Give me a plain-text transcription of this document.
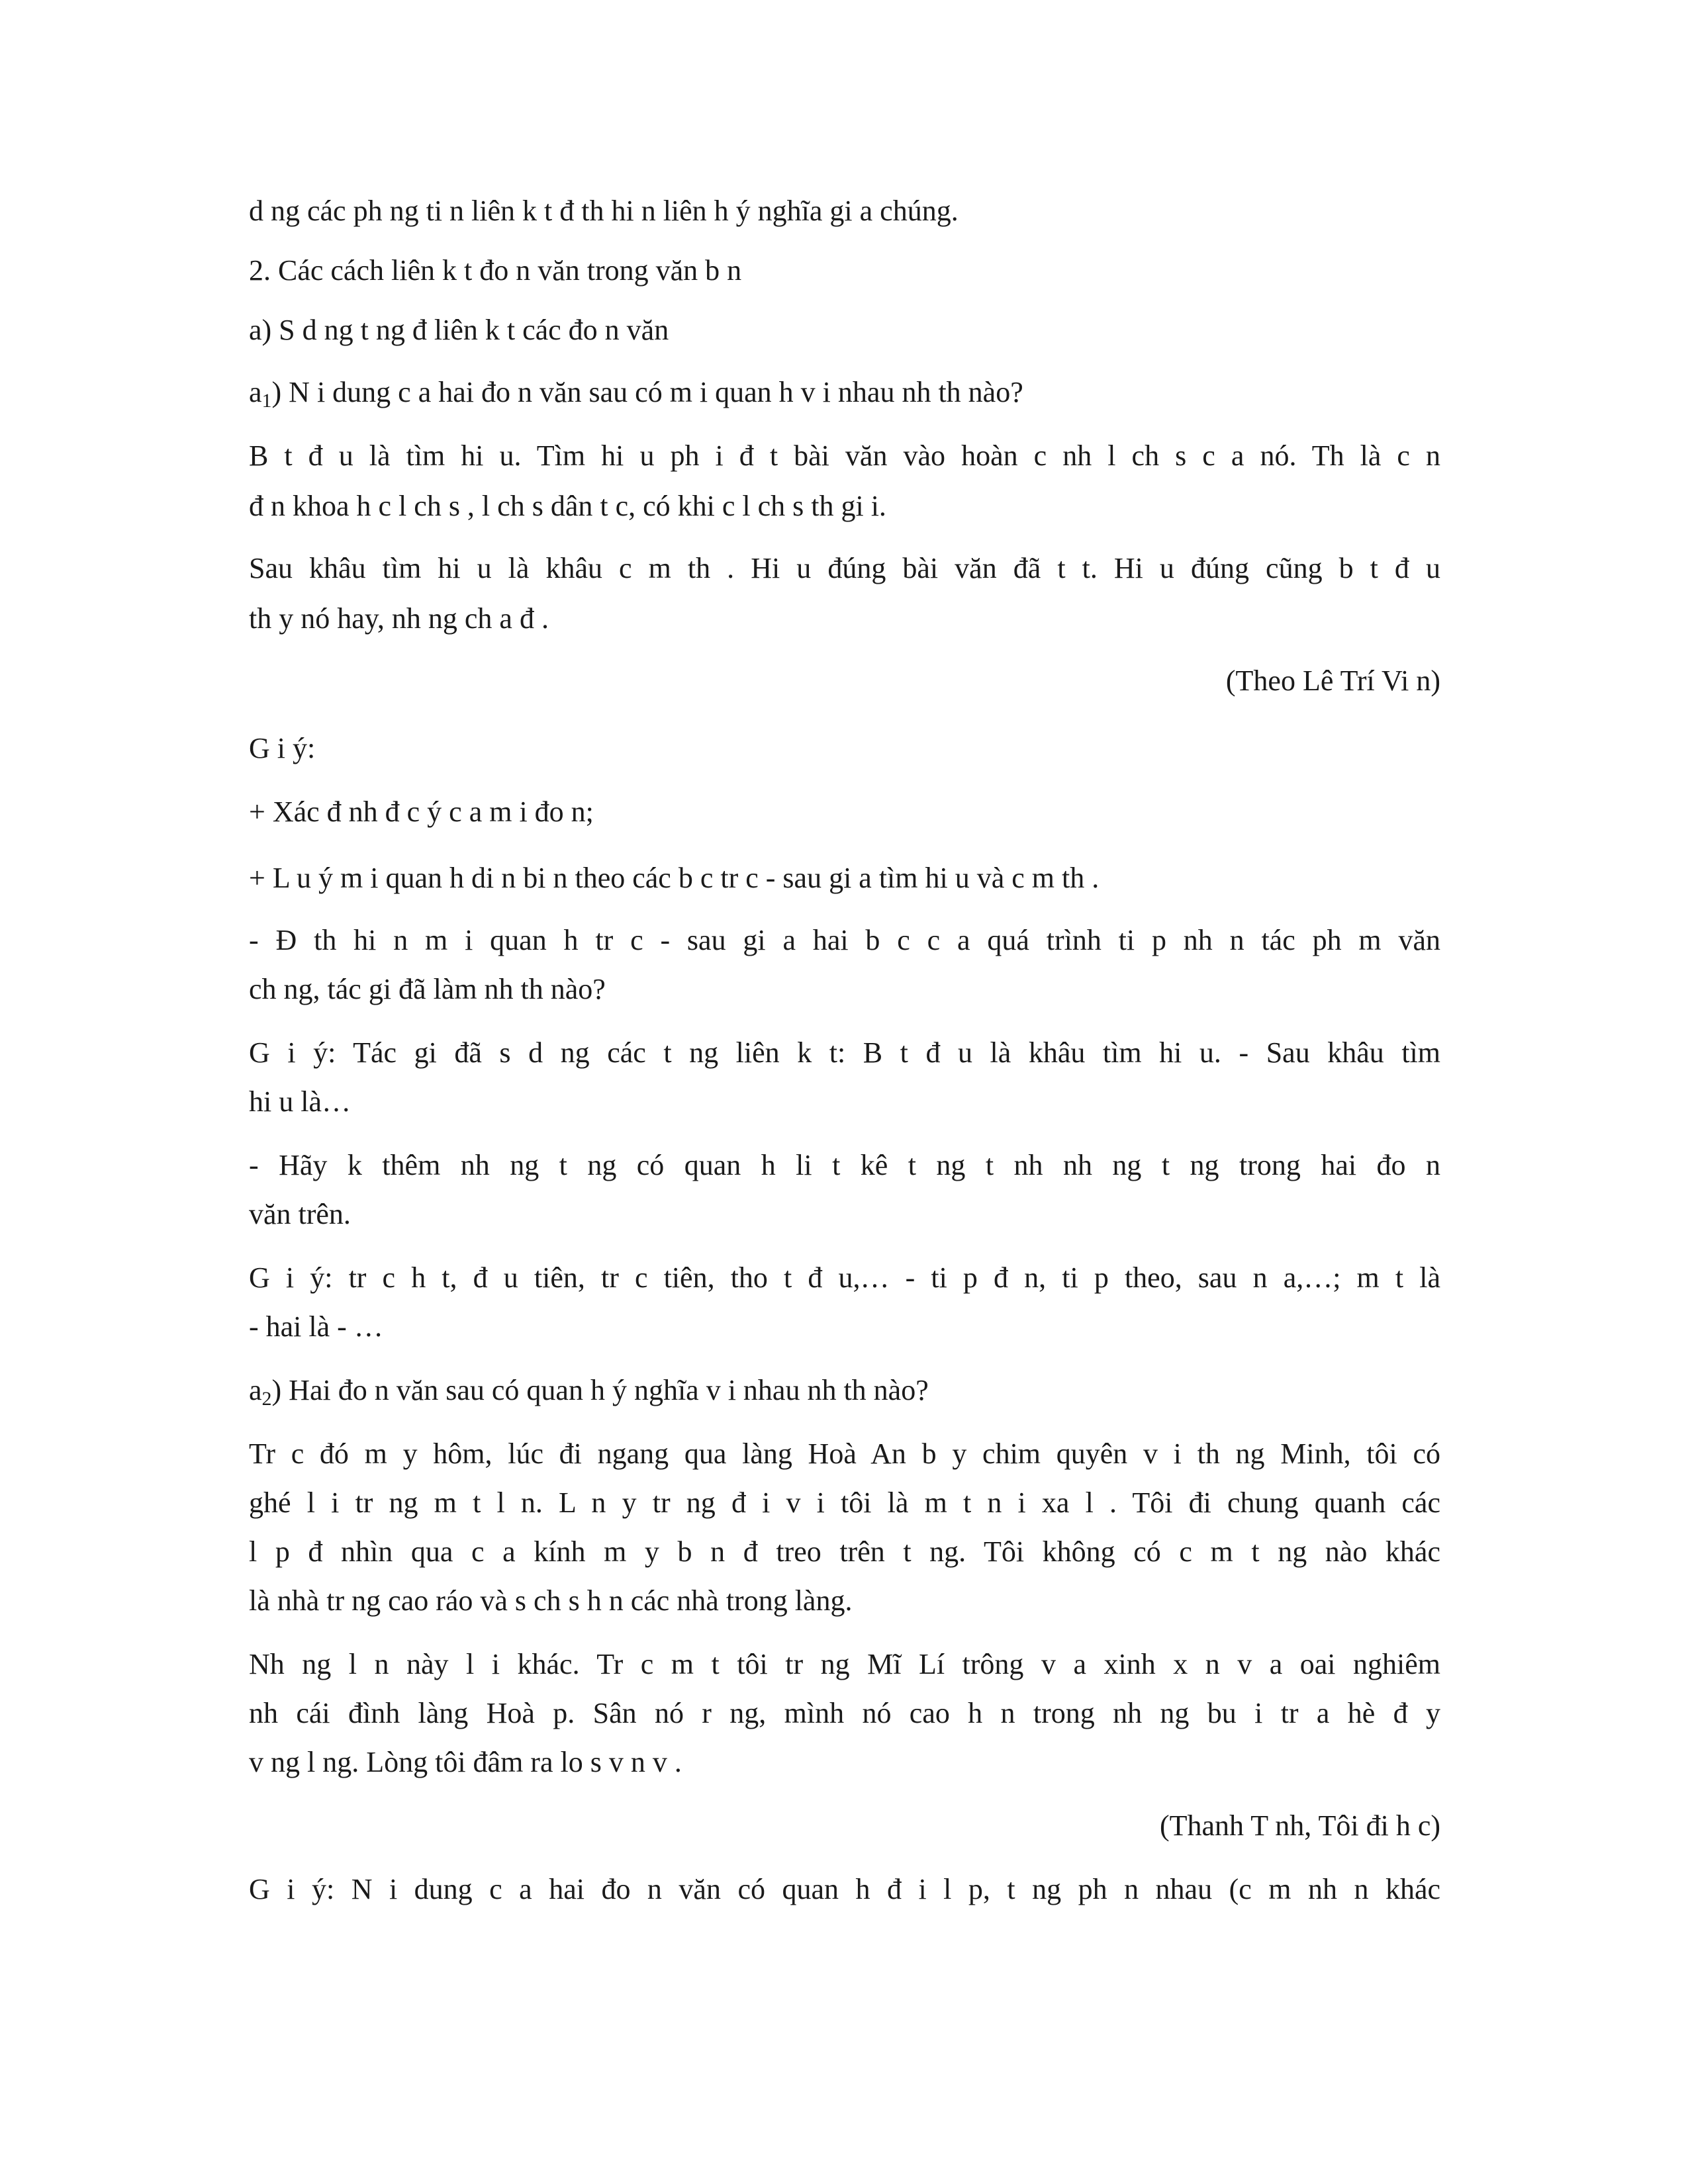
d ng các ph ng ti n liên k t đ th hi n liên h ý nghĩa gi a chúng.

2. Các cách liên k t đo n văn trong văn b n

a) S d ng t ng đ liên k t các đo n văn

$a_1$) N i dung c a hai đo n văn sau có m i quan h v i nhau nh th nào?

B t đ u là tìm hi u. Tìm hi u ph i đ t bài văn vào hoàn c nh l ch s c a nó. Th là c n

đ n khoa h c l ch s , l ch s dân t c, có khi c l ch s th gi i.

Sau khâu tìm hi u là khâu c m th . Hi u đúng bài văn đã t t. Hi u đúng cũng b t đ u

th y nó hay, nh ng ch a đ .

(Theo Lê Trí Vi n)

G i ý:

+ Xác đ nh đ c ý c a m i đo n;

+ L u ý m i quan h di n bi n theo các b c tr c - sau gi a tìm hi u và c m th .

- Đ th hi n m i quan h tr c - sau gi a hai b c c a quá trình ti p nh n tác ph m văn

ch ng, tác gi đã làm nh th nào?

G i ý: Tác gi đã s d ng các t ng liên k t: B t đ u là khâu tìm hi u. - Sau khâu tìm

hi u là…

- Hãy k thêm nh ng t ng có quan h li t kê t ng t nh nh ng t ng trong hai đo n

văn trên.

G i ý: tr c h t, đ u tiên, tr c tiên, tho t đ u,… - ti p đ n, ti p theo, sau n a,…; m t là

- hai là - …

$a_2$) Hai đo n văn sau có quan h ý nghĩa v i nhau nh th nào?

Tr c đó m y hôm, lúc đi ngang qua làng Hoà An b y chim quyên v i th ng Minh, tôi có

ghé l i tr ng m t l n. L n y tr ng đ i v i tôi là m t n i xa l . Tôi đi chung quanh các

l p đ nhìn qua c a kính m y b n đ treo trên t ng. Tôi không có c m t ng nào khác

là nhà tr ng cao ráo và s ch s h n các nhà trong làng.

Nh ng l n này l i khác. Tr c m t tôi tr ng Mĩ Lí trông v a xinh x n v a oai nghiêm

nh cái đình làng Hoà p. Sân nó r ng, mình nó cao h n trong nh ng bu i tr a hè đ y

v ng l ng. Lòng tôi đâm ra lo s v n v .

(Thanh T nh, Tôi đi h c)

G i ý: N i dung c a hai đo n văn có quan h đ i l p, t ng ph n nhau (c m nh n khác
